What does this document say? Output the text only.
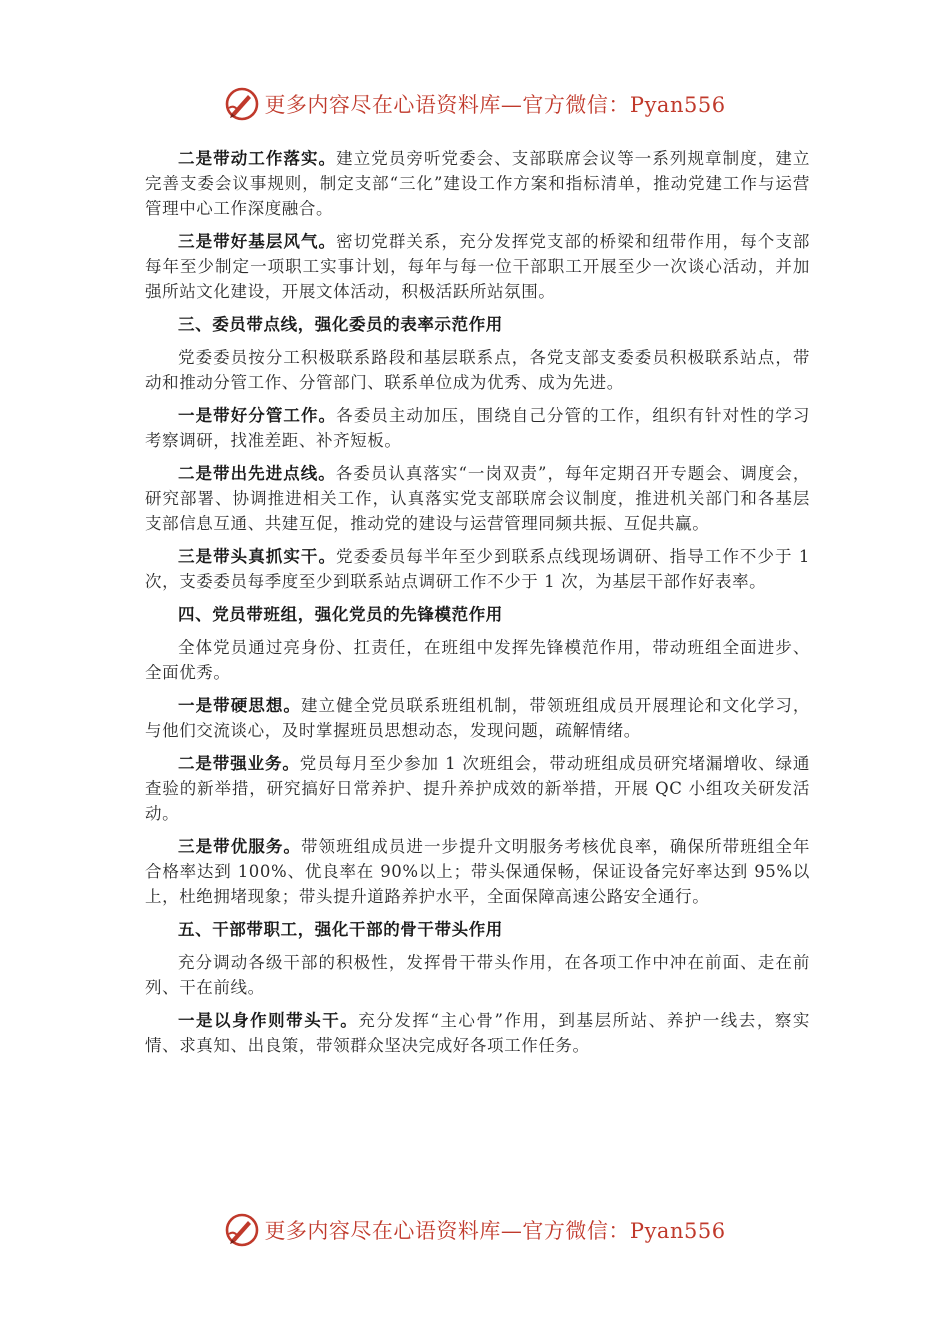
更多内容尽在心语资料库—官方微信：Pyan556

二是带动工作落实。建立党员旁听党委会、支部联席会议等一系列规章制度，建立完善支委会议事规则，制定支部“三化”建设工作方案和指标清单，推动党建工作与运营管理中心工作深度融合。

三是带好基层风气。密切党群关系，充分发挥党支部的桥梁和纽带作用，每个支部每年至少制定一项职工实事计划，每年与每一位干部职工开展至少一次谈心活动，并加强所站文化建设，开展文体活动，积极活跃所站氛围。

三、委员带点线，强化委员的表率示范作用

党委委员按分工积极联系路段和基层联系点，各党支部支委委员积极联系站点，带动和推动分管工作、分管部门、联系单位成为优秀、成为先进。

一是带好分管工作。各委员主动加压，围绕自己分管的工作，组织有针对性的学习考察调研，找准差距、补齐短板。

二是带出先进点线。各委员认真落实“一岗双责”，每年定期召开专题会、调度会，研究部署、协调推进相关工作，认真落实党支部联席会议制度，推进机关部门和各基层支部信息互通、共建互促，推动党的建设与运营管理同频共振、互促共赢。

三是带头真抓实干。党委委员每半年至少到联系点线现场调研、指导工作不少于 1 次，支委委员每季度至少到联系站点调研工作不少于 1 次，为基层干部作好表率。

四、党员带班组，强化党员的先锋模范作用

全体党员通过亮身份、扛责任，在班组中发挥先锋模范作用，带动班组全面进步、全面优秀。

一是带硬思想。建立健全党员联系班组机制，带领班组成员开展理论和文化学习，与他们交流谈心，及时掌握班员思想动态，发现问题，疏解情绪。

二是带强业务。党员每月至少参加 1 次班组会，带动班组成员研究堵漏增收、绿通查验的新举措，研究搞好日常养护、提升养护成效的新举措，开展 QC 小组攻关研发活动。

三是带优服务。带领班组成员进一步提升文明服务考核优良率，确保所带班组全年合格率达到 100%、优良率在 90%以上；带头保通保畅，保证设备完好率达到 95%以上，杜绝拥堵现象；带头提升道路养护水平，全面保障高速公路安全通行。

五、干部带职工，强化干部的骨干带头作用

充分调动各级干部的积极性，发挥骨干带头作用，在各项工作中冲在前面、走在前列、干在前线。

一是以身作则带头干。充分发挥“主心骨”作用，到基层所站、养护一线去，察实情、求真知、出良策，带领群众坚决完成好各项工作任务。

更多内容尽在心语资料库—官方微信：Pyan556
